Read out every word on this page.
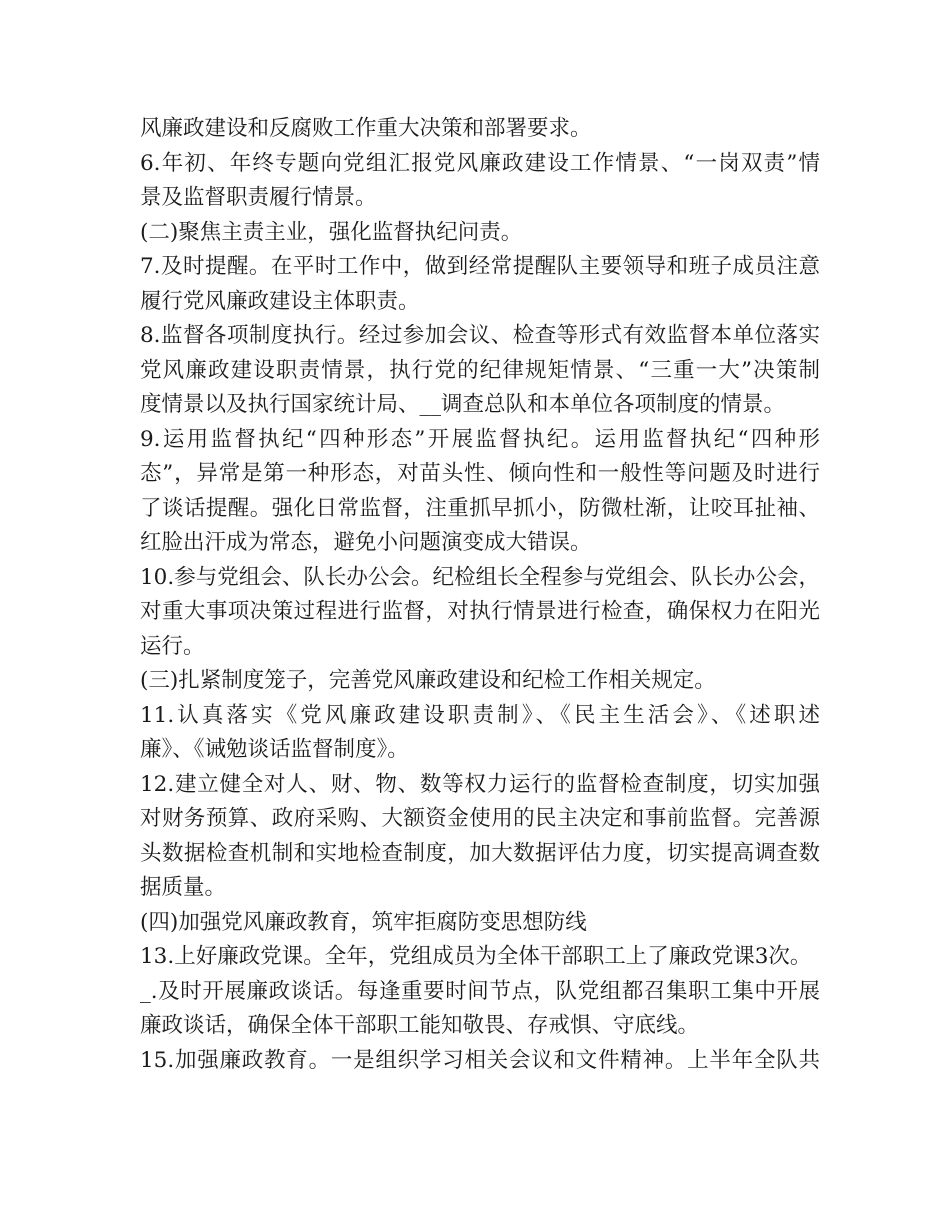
风廉政建设和反腐败工作重大决策和部署要求。
6.年初、年终专题向党组汇报党风廉政建设工作情景、“一岗双责”情
景及监督职责履行情景。
(二)聚焦主责主业，强化监督执纪问责。
7.及时提醒。在平时工作中，做到经常提醒队主要领导和班子成员注意
履行党风廉政建设主体职责。
8.监督各项制度执行。经过参加会议、检查等形式有效监督本单位落实
党风廉政建设职责情景，执行党的纪律规矩情景、“三重一大”决策制
度情景以及执行国家统计局、__调查总队和本单位各项制度的情景。
9.运用监督执纪“四种形态”开展监督执纪。运用监督执纪“四种形
态”，异常是第一种形态，对苗头性、倾向性和一般性等问题及时进行
了谈话提醒。强化日常监督，注重抓早抓小，防微杜渐，让咬耳扯袖、
红脸出汗成为常态，避免小问题演变成大错误。
10.参与党组会、队长办公会。纪检组长全程参与党组会、队长办公会，
对重大事项决策过程进行监督，对执行情景进行检查，确保权力在阳光
运行。
(三)扎紧制度笼子，完善党风廉政建设和纪检工作相关规定。
11.认真落实《党风廉政建设职责制》、《民主生活会》、《述职述
廉》、《诫勉谈话监督制度》。
12.建立健全对人、财、物、数等权力运行的监督检查制度，切实加强
对财务预算、政府采购、大额资金使用的民主决定和事前监督。完善源
头数据检查机制和实地检查制度，加大数据评估力度，切实提高调查数
据质量。
(四)加强党风廉政教育，筑牢拒腐防变思想防线
13.上好廉政党课。全年，党组成员为全体干部职工上了廉政党课3次。
_.及时开展廉政谈话。每逢重要时间节点，队党组都召集职工集中开展
廉政谈话，确保全体干部职工能知敬畏、存戒惧、守底线。
15.加强廉政教育。一是组织学习相关会议和文件精神。上半年全队共
